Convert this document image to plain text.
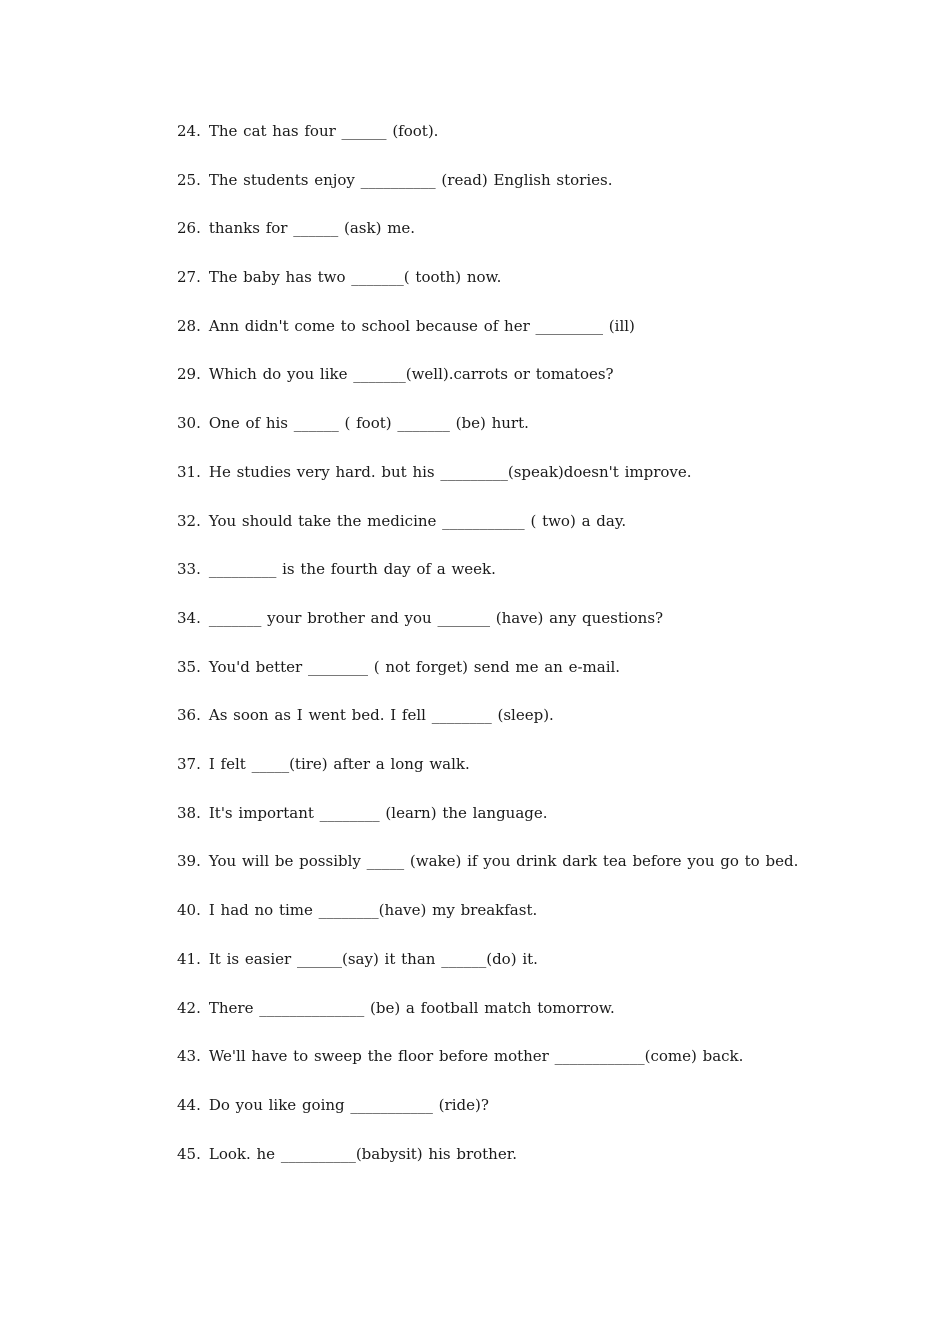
24. The cat has four ______ (foot).
25. The students enjoy __________ (read) English stories.
26. thanks for ______ (ask) me.
27. The baby has two _______( tooth) now.
28. Ann didn't come to school because of her _________ (ill)
29. Which do you like _______(well).carrots or tomatoes?
30. One of his ______ ( foot) _______ (be) hurt.
31. He studies very hard. but his _________(speak)doesn't improve.
32. You should take the medicine ___________ ( two) a day.
33. _________ is the fourth day of a week.
34. _______ your brother and you _______ (have) any questions?
35. You'd better ________ ( not forget) send me an e-mail.
36. As soon as I went bed. I fell ________ (sleep).
37. I felt _____(tire) after a long walk.
38. It's important ________ (learn) the language.
39. You will be possibly _____ (wake) if you drink dark tea before you go to bed.
40. I had no time ________(have) my breakfast.
41. It is easier ______(say) it than ______(do) it.
42. There ______________ (be) a football match tomorrow.
43. We'll have to sweep the floor before mother ____________(come) back.
44. Do you like going ___________ (ride)?
45. Look. he __________(babysit) his brother.
